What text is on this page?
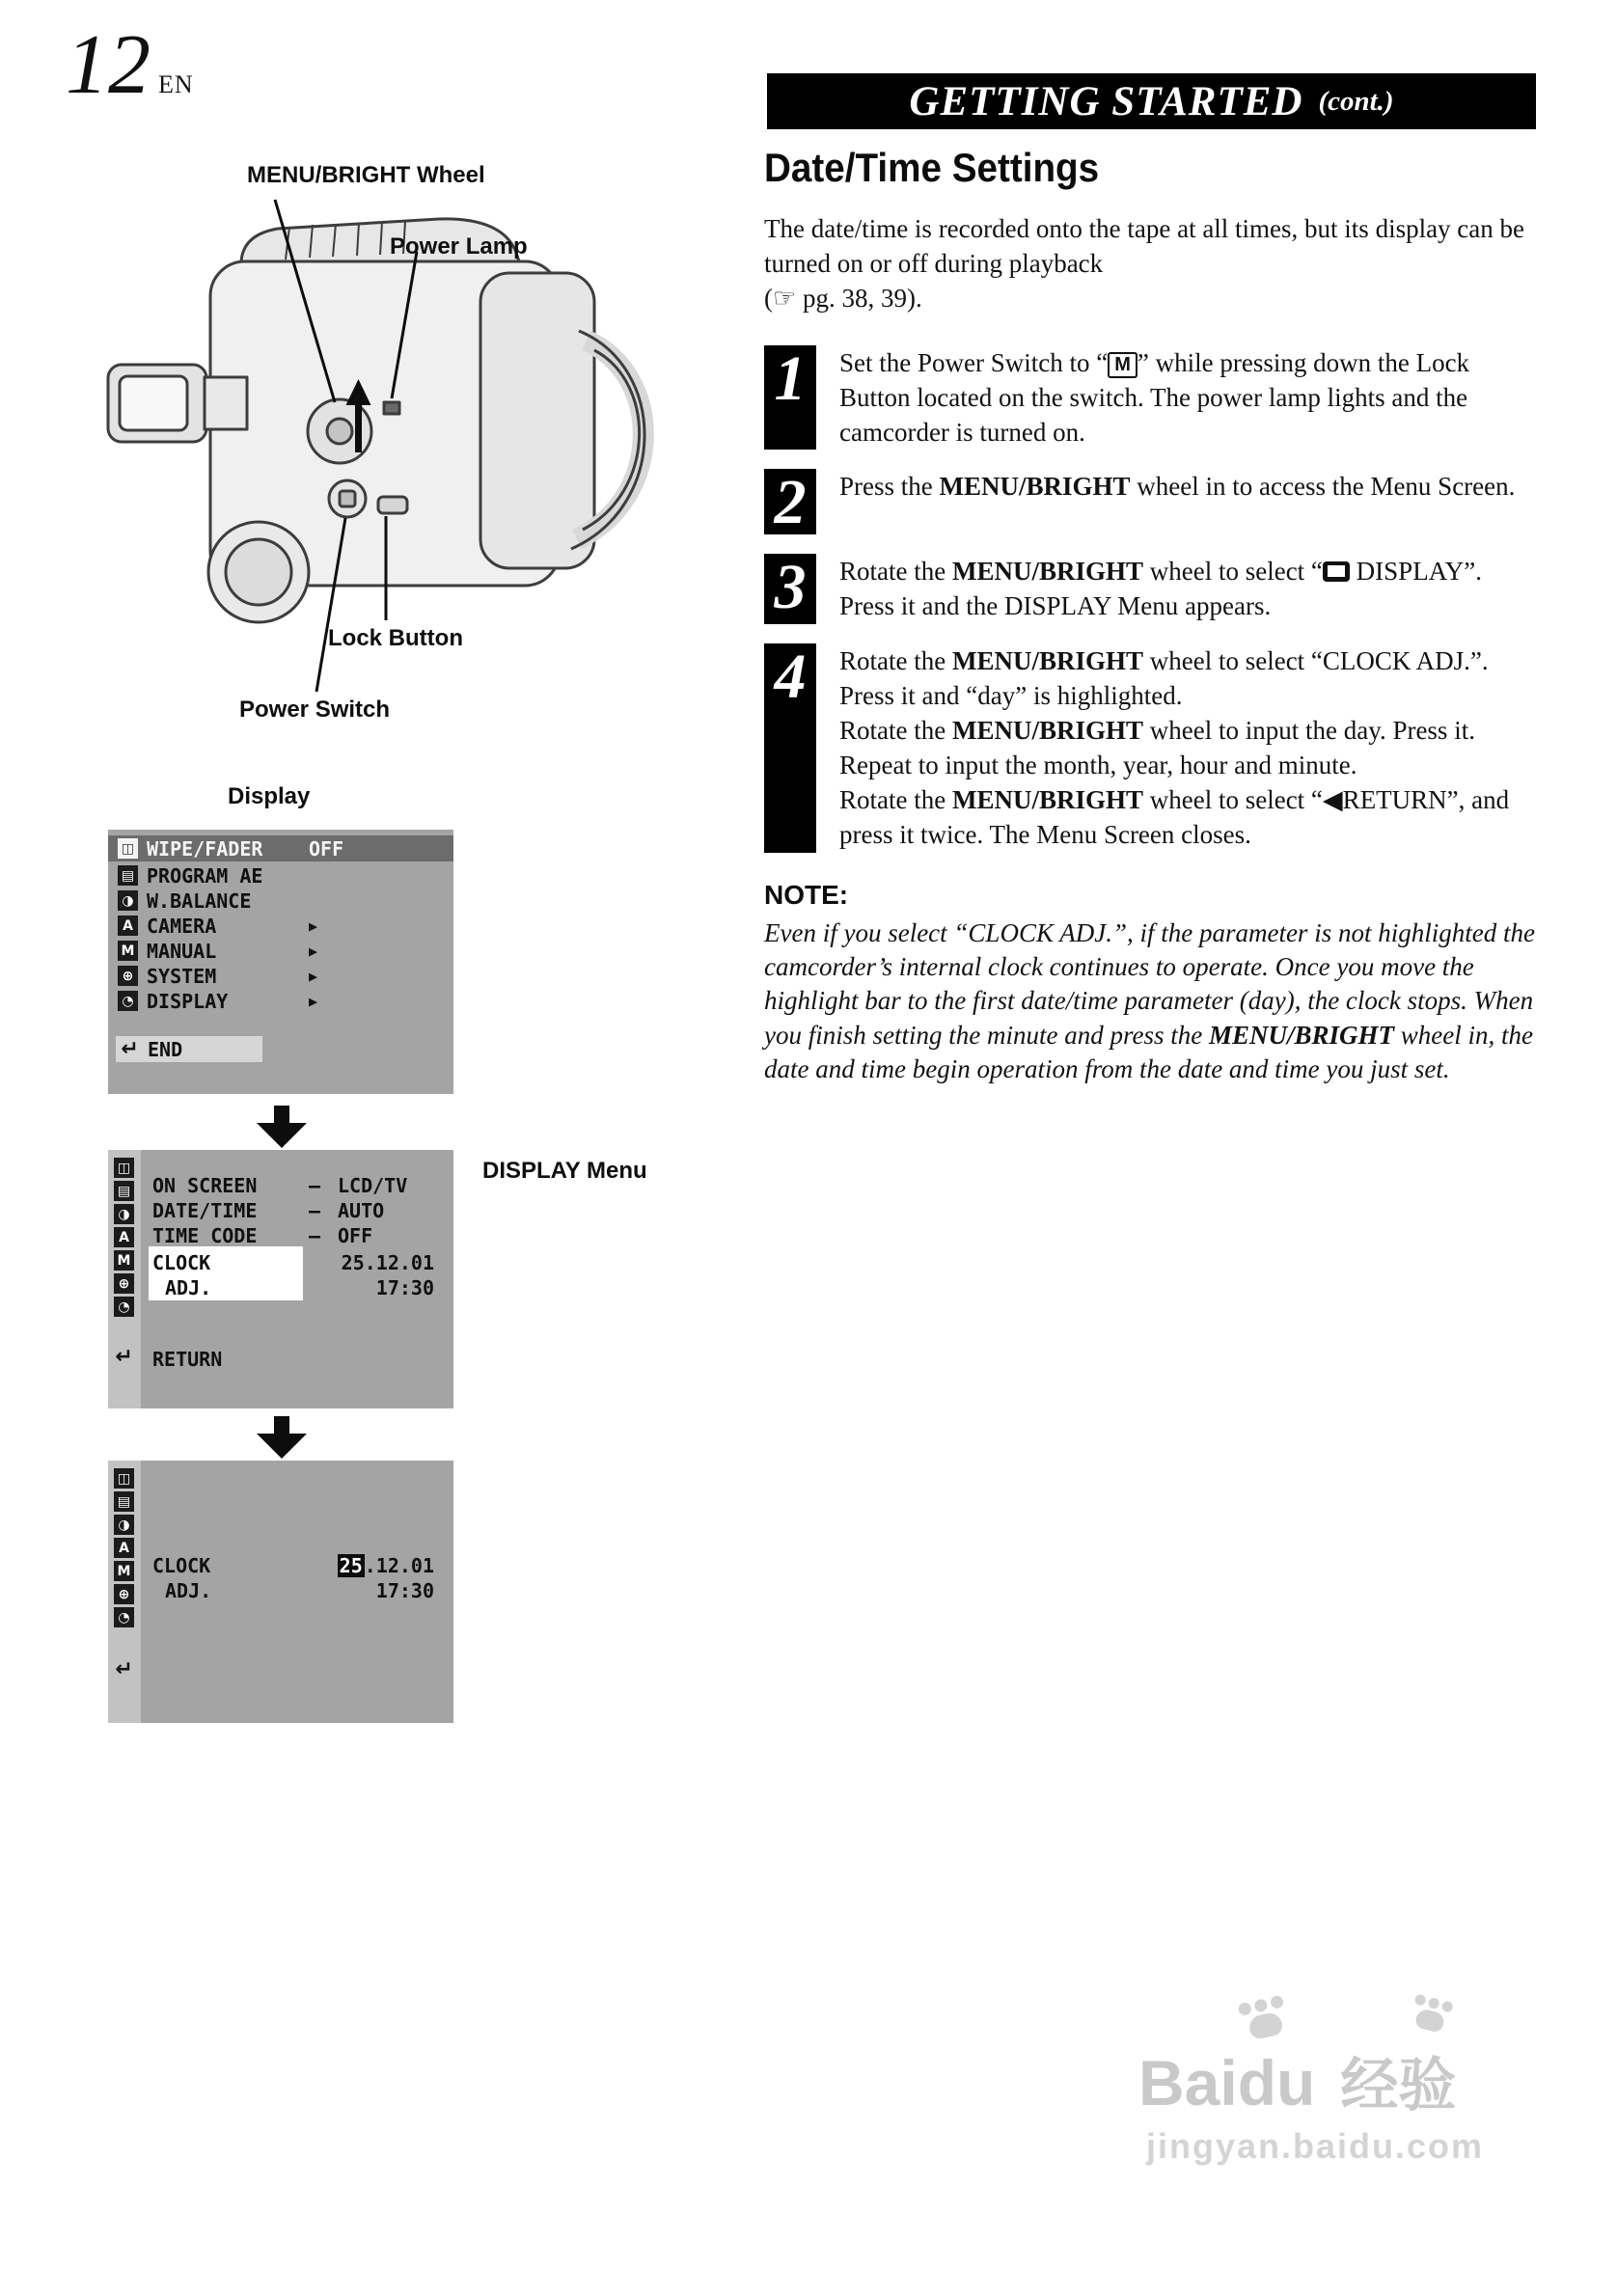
12 EN	GETTING STARTED (cont.)
MENU/BRIGHT Wheel
Power Lamp
Lock Button
Power Switch
Display
DISPLAY Menu
◫ WIPE/FADER	OFF
▤ PROGRAM AE
◑ W.BALANCE
A CAMERA	▶
M MANUAL	▶
⊕ SYSTEM	▶
◔ DISPLAY	▶
↵ END
◫
▤
◑
A
M
⊕
◔
↵
ON SCREEN	– LCD/TV
DATE/TIME	– AUTO
TIME CODE	– OFF
CLOCK	25.12.01
ADJ.	17:30
RETURN
◫
▤
◑
A
M
⊕
◔
↵
CLOCK	25 .12.01
ADJ.	17:30
Date/Time Settings

The date/time is recorded onto the tape at all times, but its display can be turned on or off during playback
(☞ pg. 38, 39).

1	Set the Power Switch to “ M ” while pressing down the Lock Button located on the switch. The power lamp lights and the camcorder is turned on.
2	Press the MENU/BRIGHT wheel in to access the Menu Screen.
3	Rotate the MENU/BRIGHT wheel to select “ DISPLAY”. Press it and the DISPLAY Menu appears.
4 Rotate the MENU/BRIGHT wheel to select “CLOCK ADJ.”. Press it and “day” is highlighted.
Rotate the MENU/BRIGHT wheel to input the day. Press it. Repeat to input the month, year, hour and minute.
Rotate the MENU/BRIGHT wheel to select “◀RETURN”, and press it twice. The Menu Screen closes.
NOTE:

Even if you select “CLOCK ADJ.”, if the parameter is not highlighted the camcorder’s internal clock continues to operate. Once you move the highlight bar to the first date/time parameter (day), the clock stops. When you finish setting the minute and press the MENU/BRIGHT wheel in, the date and time begin operation from the date and time you just set.

Baidu 经验
jingyan.baidu.com
